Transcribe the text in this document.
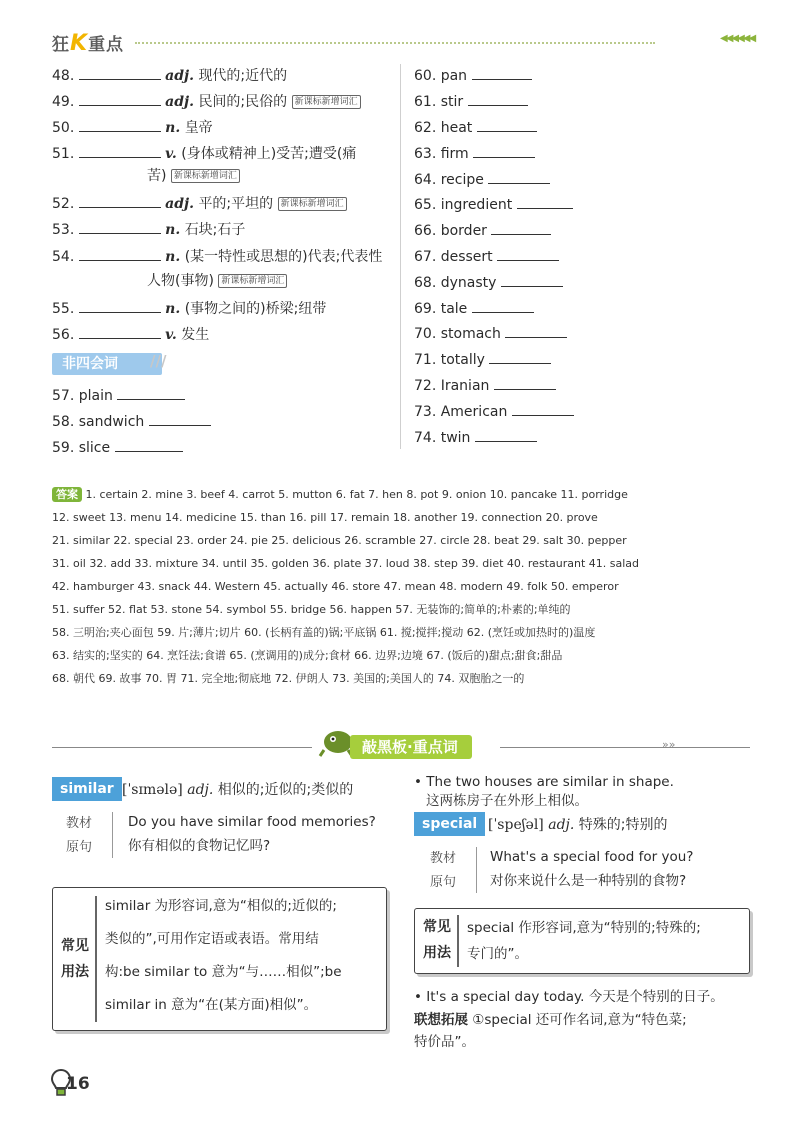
狂K重点	◀◀◀◀◀◀
48.	adj. 现代的;近代的
49.	adj. 民间的;民俗的 新课标新增词汇
50.	n. 皇帝
51.	v. (身体或精神上)受苦;遭受(痛
苦) 新课标新增词汇
52.	adj. 平的;平坦的 新课标新增词汇
53.	n. 石块;石子
54.	n. (某一特性或思想的)代表;代表性
人物(事物) 新课标新增词汇
55.	n. (事物之间的)桥梁;纽带
56.	v. 发生
非四会词	///
57. plain
58. sandwich
59. slice
60. pan
61. stir
62. heat
63. firm
64. recipe
65. ingredient
66. border
67. dessert
68. dynasty
69. tale
70. stomach
71. totally
72. Iranian
73. American
74. twin
答案 1. certain 2. mine 3. beef 4. carrot 5. mutton 6. fat 7. hen 8. pot 9. onion 10. pancake 11. porridge
12. sweet 13. menu 14. medicine 15. than 16. pill 17. remain 18. another 19. connection 20. prove
21. similar 22. special 23. order 24. pie 25. delicious 26. scramble 27. circle 28. beat 29. salt 30. pepper
31. oil 32. add 33. mixture 34. until 35. golden 36. plate 37. loud 38. step 39. diet 40. restaurant 41. salad
42. hamburger 43. snack 44. Western 45. actually 46. store 47. mean 48. modern 49. folk 50. emperor
51. suffer 52. flat 53. stone 54. symbol 55. bridge 56. happen 57. 无装饰的;简单的;朴素的;单纯的
58. 三明治;夹心面包 59. 片;薄片;切片 60. (长柄有盖的)锅;平底锅 61. 搅;搅拌;搅动 62. (烹饪或加热时的)温度
63. 结实的;坚实的 64. 烹饪法;食谱 65. (烹调用的)成分;食材 66. 边界;边境 67. (饭后的)甜点;甜食;甜品
68. 朝代 69. 故事 70. 胃 71. 完全地;彻底地 72. 伊朗人 73. 美国的;美国人的 74. 双胞胎之一的
»»
敲黑板·重点词
similar [ˈsɪmələ] adj. 相似的;近似的;类似的
教材
原句
Do you have similar food memories?
你有相似的食物记忆吗?
常见
用法
similar 为形容词,意为“相似的;近似的;
类似的”,可用作定语或表语。常用结
构:be similar to 意为“与……相似”;be
similar in 意为“在(某方面)相似”。
• The two houses are similar in shape.
这两栋房子在外形上相似。
special [ˈspeʃəl] adj. 特殊的;特别的
教材
原句
What's a special food for you?
对你来说什么是一种特别的食物?
常见
用法
special 作形容词,意为“特别的;特殊的;
专门的”。
• It's a special day today. 今天是个特别的日子。
联想拓展 ①special 还可作名词,意为“特色菜;
特价品”。
16
